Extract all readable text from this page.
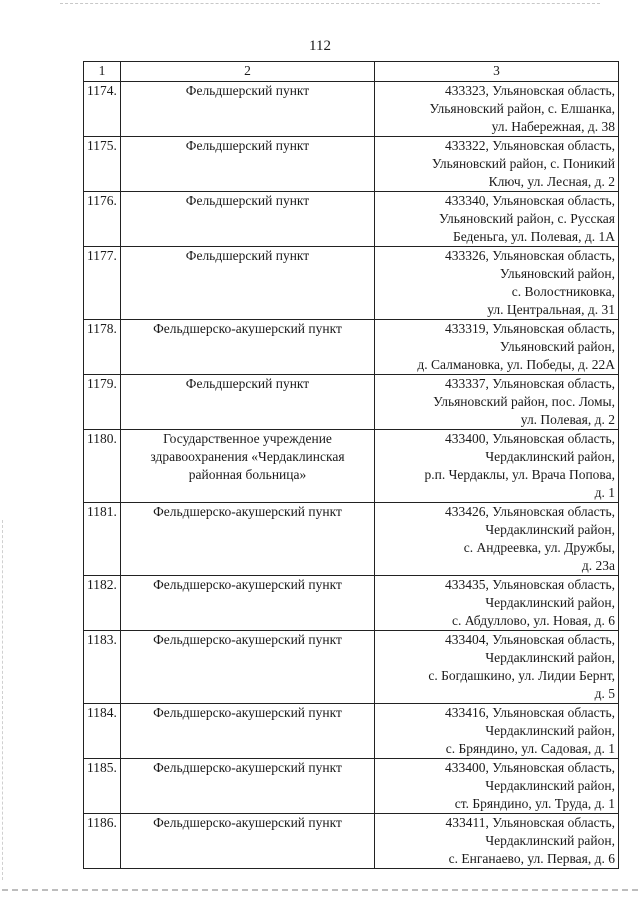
112
1	2	3
1174.	Фельдшерский пункт	433323, Ульяновская область,
Ульяновский район, с. Елшанка,
ул. Набережная, д. 38

1175.	Фельдшерский пункт	433322, Ульяновская область,
Ульяновский район, с. Поникий
Ключ, ул. Лесная, д. 2

1176.	Фельдшерский пункт	433340, Ульяновская область,
Ульяновский район, с. Русская
Беденьга, ул. Полевая, д. 1А

1177.	Фельдшерский пункт	433326, Ульяновская область,
Ульяновский район,
с. Волостниковка,
ул. Центральная, д. 31

1178.	Фельдшерско-акушерский пункт	433319, Ульяновская область,
Ульяновский район,
д. Салмановка, ул. Победы, д. 22А

1179.	Фельдшерский пункт	433337, Ульяновская область,
Ульяновский район, пос. Ломы,
ул. Полевая, д. 2

1180.	Государственное учреждение
здравоохранения «Чердаклинская
районная больница»	433400, Ульяновская область,
Чердаклинский район,
р.п. Чердаклы, ул. Врача Попова,
д. 1

1181.	Фельдшерско-акушерский пункт	433426, Ульяновская область,
Чердаклинский район,
с. Андреевка, ул. Дружбы,
д. 23а

1182.	Фельдшерско-акушерский пункт	433435, Ульяновская область,
Чердаклинский район,
с. Абдуллово, ул. Новая, д. 6

1183.	Фельдшерско-акушерский пункт	433404, Ульяновская область,
Чердаклинский район,
с. Богдашкино, ул. Лидии Бернт,
д. 5

1184.	Фельдшерско-акушерский пункт	433416, Ульяновская область,
Чердаклинский район,
с. Бряндино, ул. Садовая, д. 1

1185.	Фельдшерско-акушерский пункт	433400, Ульяновская область,
Чердаклинский район,
ст. Бряндино, ул. Труда, д. 1

1186.	Фельдшерско-акушерский пункт	433411, Ульяновская область,
Чердаклинский район,
с. Енганаево, ул. Первая, д. 6
